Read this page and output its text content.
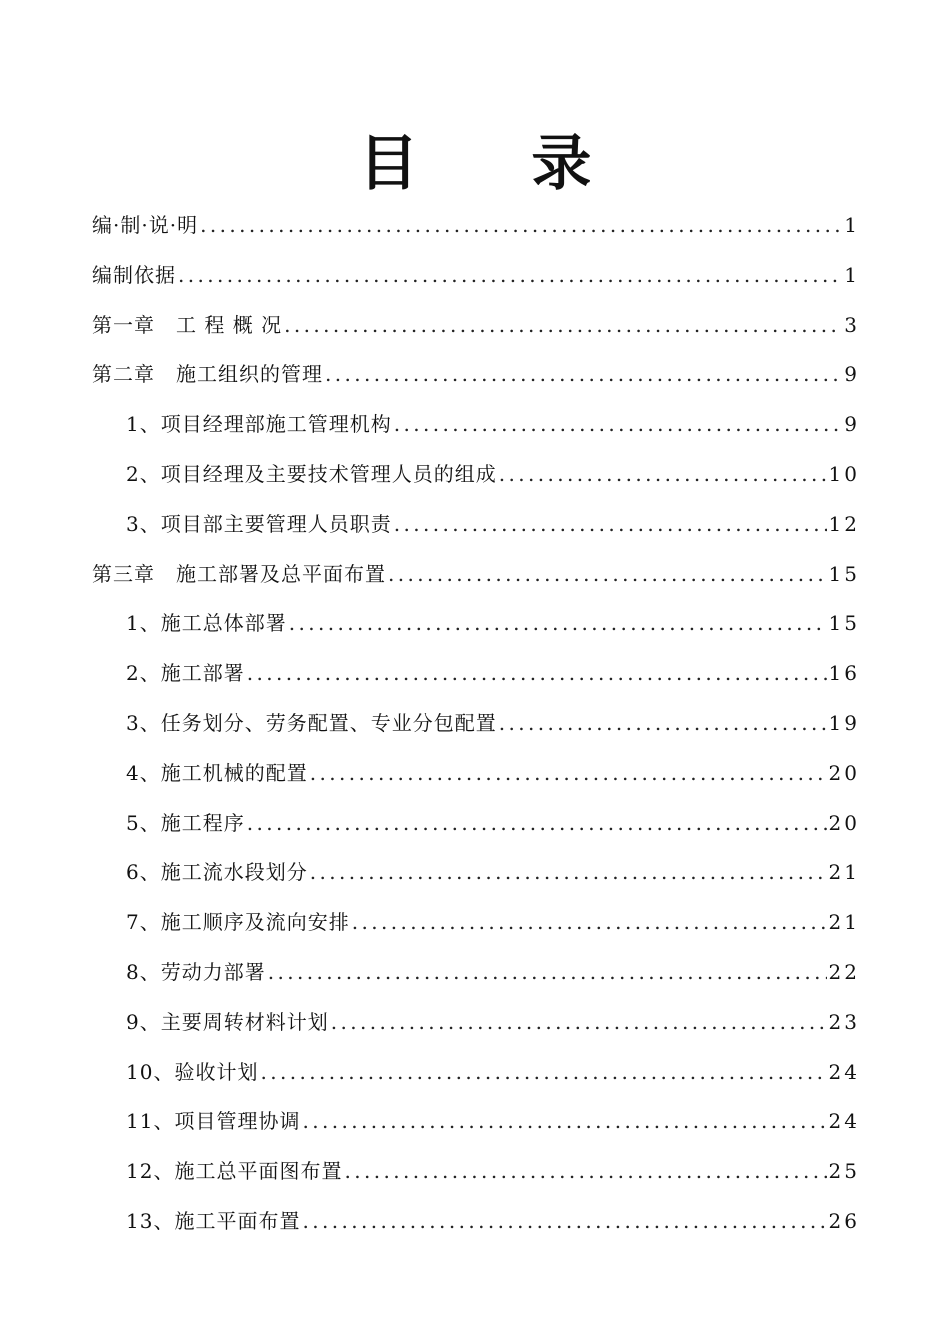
目 录
编·制·说·明 .....	1
编制依据 .....	1
第一章　工 程 概 况 .....	3
第二章　施工组织的管理 .....	9
1、项目经理部施工管理机构 .....	9
2、项目经理及主要技术管理人员的组成 .....	10
3、项目部主要管理人员职责 .....	12
第三章　施工部署及总平面布置 .....	15
1、施工总体部署 .....	15
2、施工部署 .....	16
3、任务划分、劳务配置、专业分包配置 .....	19
4、施工机械的配置 .....	20
5、施工程序 .....	20
6、施工流水段划分 .....	21
7、施工顺序及流向安排 .....	21
8、劳动力部署 .....	22
9、主要周转材料计划 .....	23
10、验收计划 .....	24
11、项目管理协调 .....	24
12、施工总平面图布置 .....	25
13、施工平面布置 .....	26
